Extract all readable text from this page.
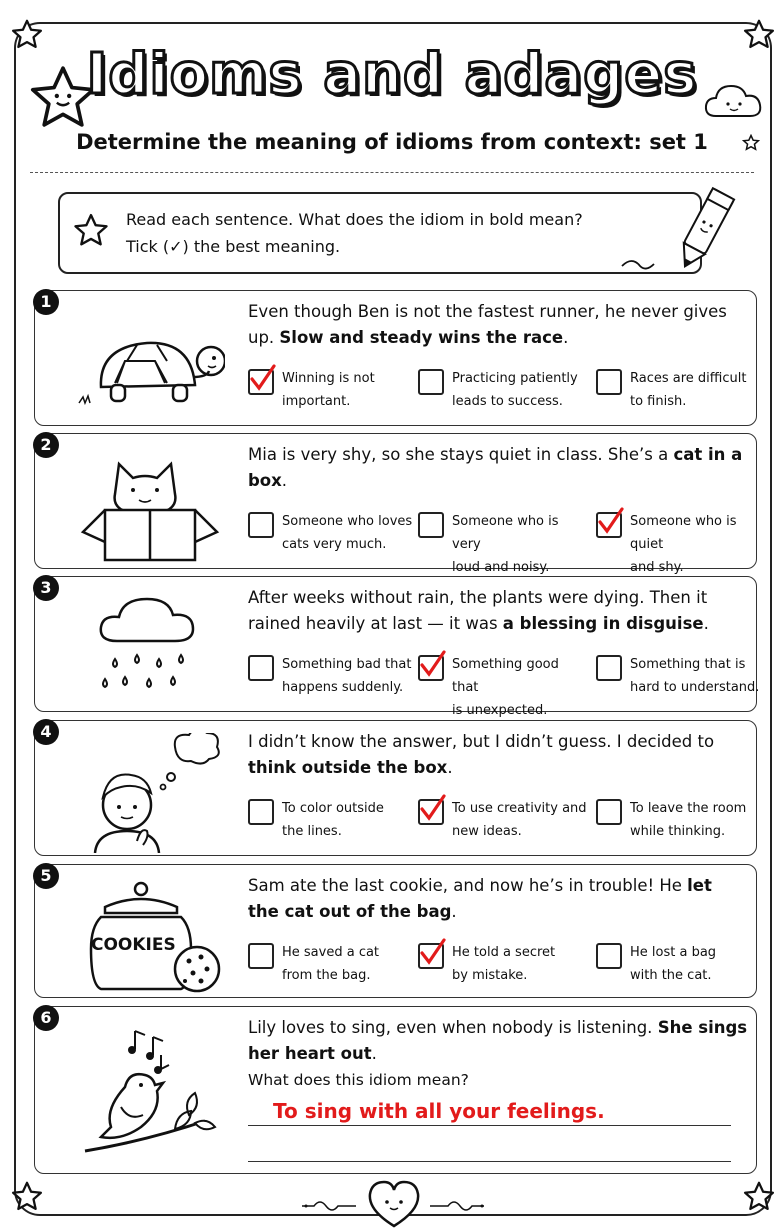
Idioms and adages
Determine the meaning of idioms from context: set 1
Read each sentence. What does the idiom in bold mean?
Tick (✓) the best meaning.
1
Even though Ben is not the fastest runner, he never gives up. Slow and steady wins the race.
Winning is not
important.
Practicing patiently
leads to success.
Races are difficult
to finish.
2
Mia is very shy, so she stays quiet in class. She’s a cat in a box.
Someone who loves
cats very much.
Someone who is very
loud and noisy.
Someone who is quiet
and shy.
3
After weeks without rain, the plants were dying. Then it rained heavily at last — it was a blessing in disguise.
Something bad that
happens suddenly.
Something good that
is unexpected.
Something that is
hard to understand.
4
I didn’t know the answer, but I didn’t guess. I decided to think outside the box.
To color outside
the lines.
To use creativity and
new ideas.
To leave the room
while thinking.
5
COOKIES
Sam ate the last cookie, and now he’s in trouble! He let the cat out of the bag.
He saved a cat
from the bag.
He told a secret
by mistake.
He lost a bag
with the cat.
6
Lily loves to sing, even when nobody is listening. She sings her heart out.
What does this idiom mean?
To sing with all your feelings.
